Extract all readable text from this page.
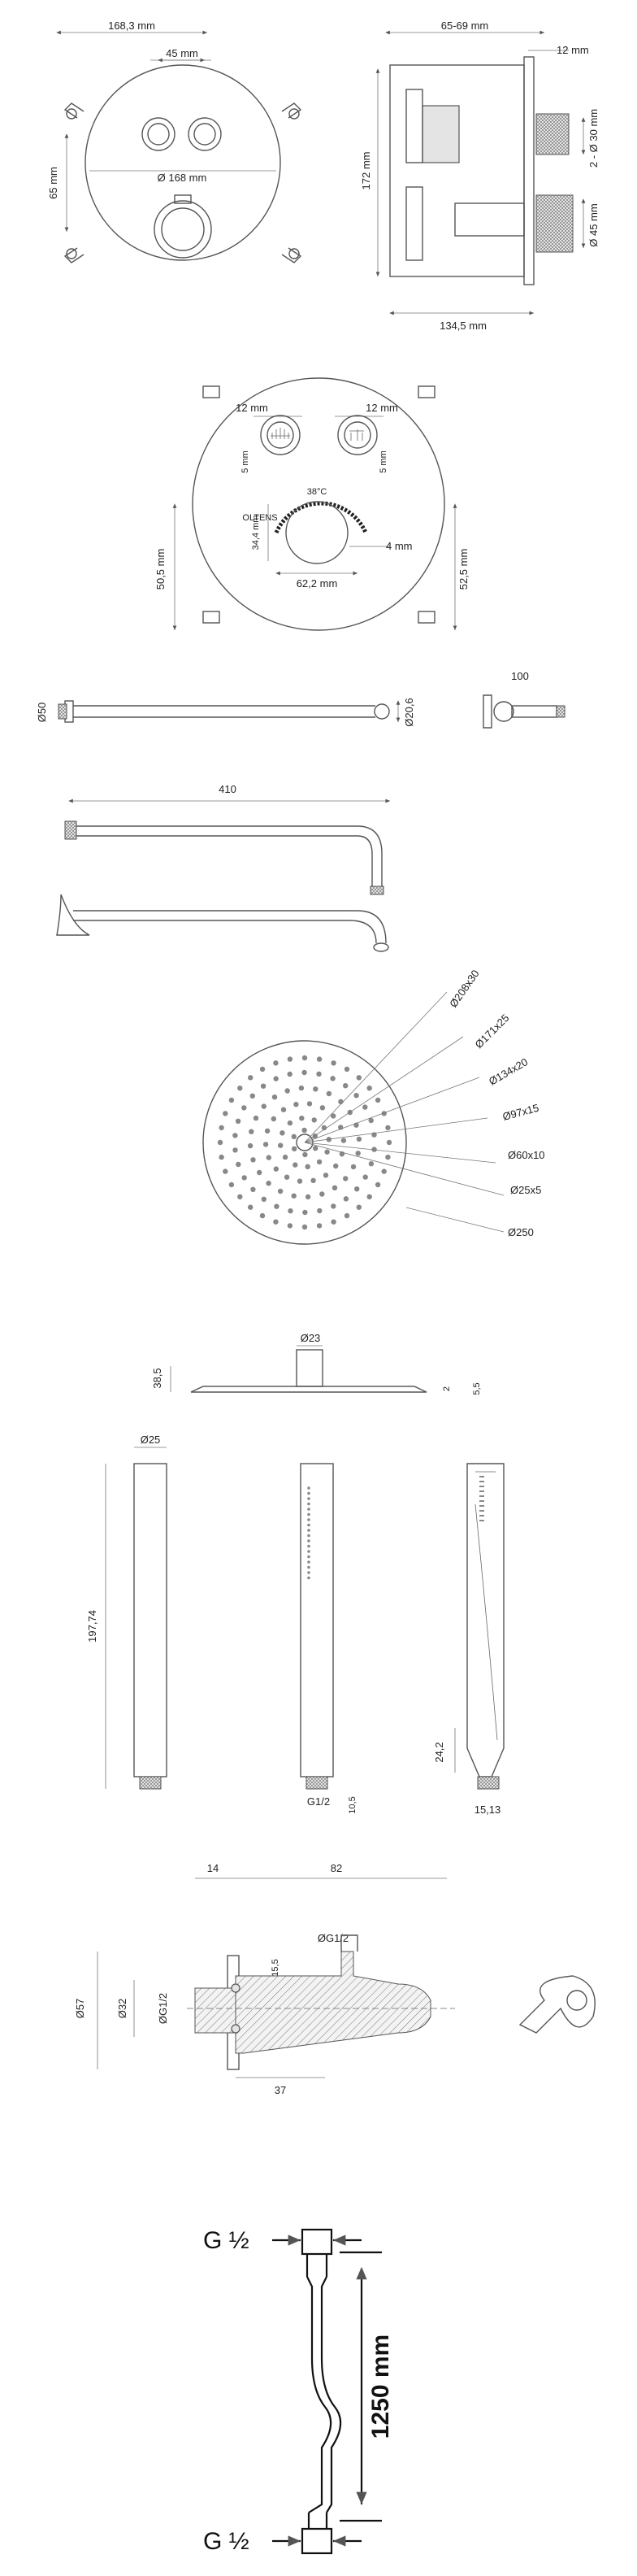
168,3 mm
45 mm
Ø 168 mm
65 mm
65-69 mm
12 mm
172 mm
2 - Ø 30 mm
Ø 45 mm
134,5 mm
12 mm	12 mm
5 mm	5 mm
38°C
OLTENS
34,4 mm	4 mm
62,2 mm
50,5 mm	52,5 mm
Ø50	Ø20,6
100
410
Ø208x30
Ø171x25
Ø134x20
Ø97x15
Ø60x10
Ø25x5
Ø250
Ø23
38,5
2 5,5
Ø25
197,74
G1/2 10,5
24,2
15,13
14	82
ØG1/2
15,5
Ø57	Ø32	ØG1/2
37
G ½
G ½
1250 mm
